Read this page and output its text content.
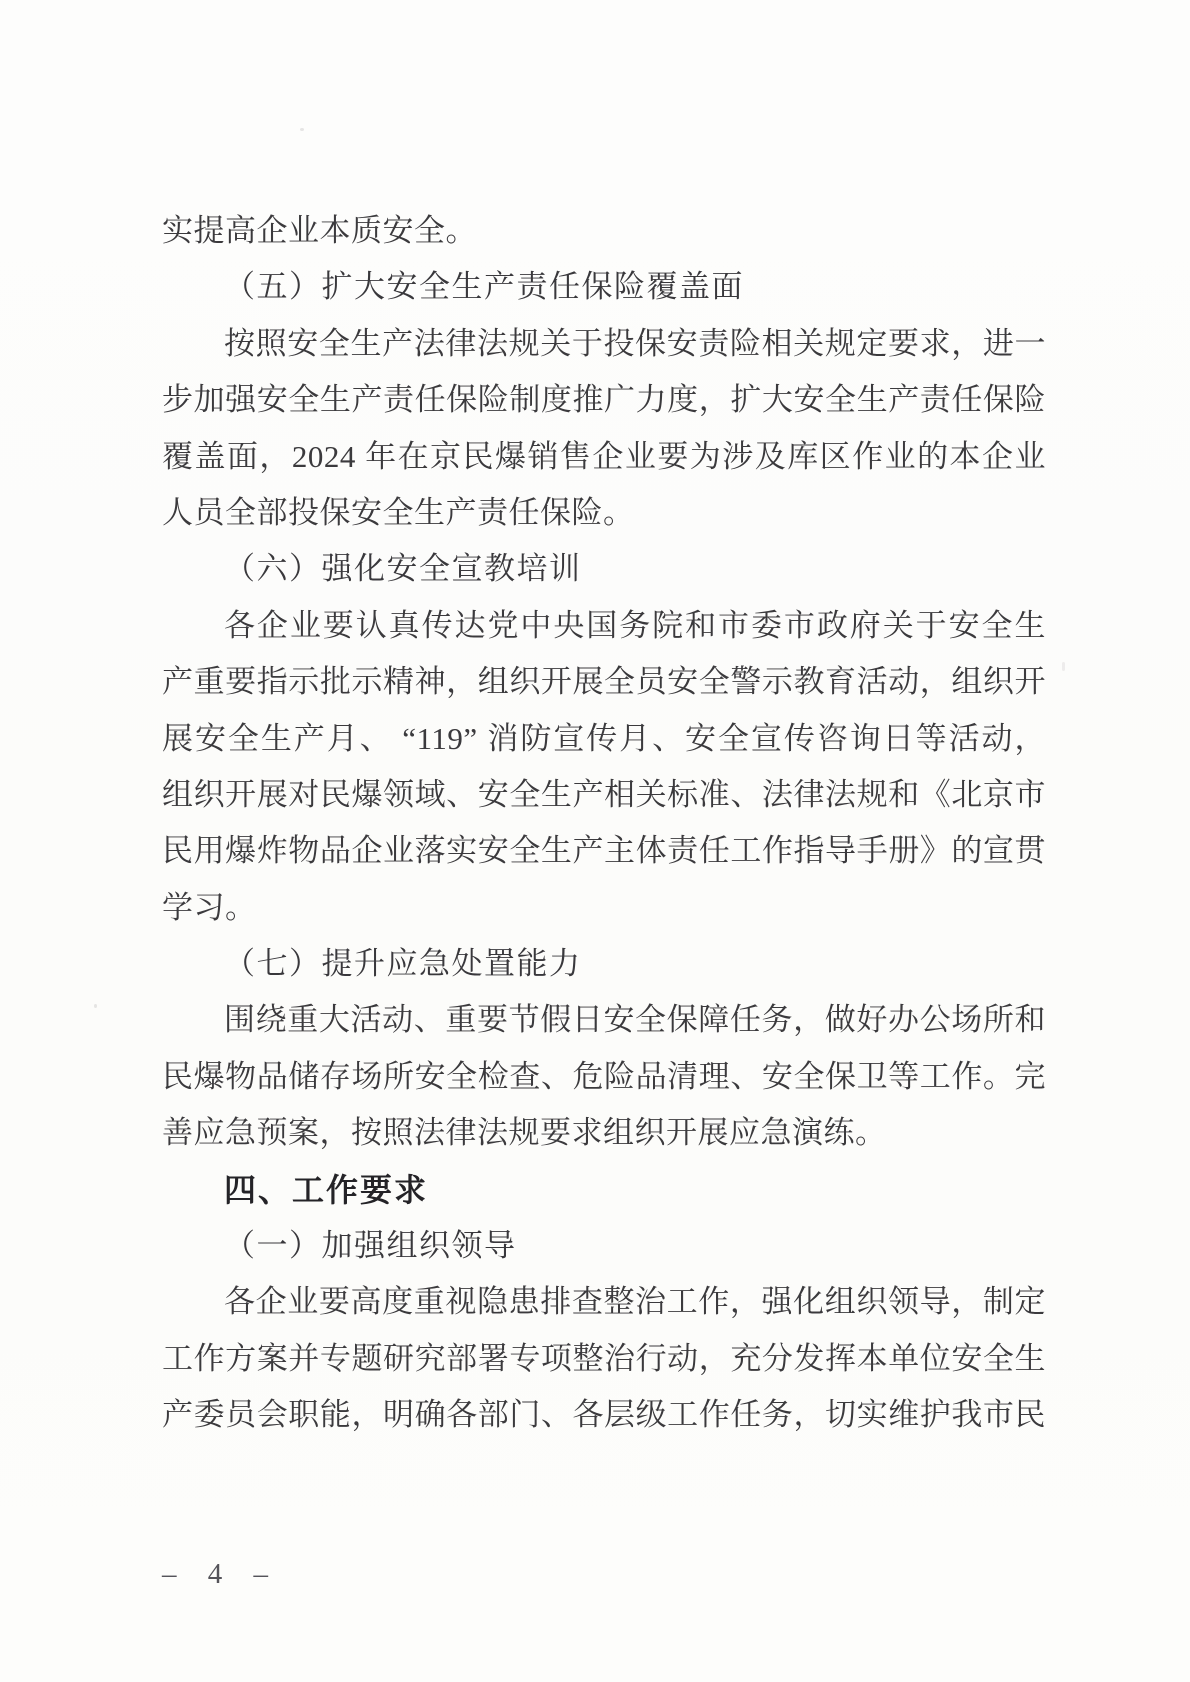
实提高企业本质安全。
（五）扩大安全生产责任保险覆盖面
按照安全生产法律法规关于投保安责险相关规定要求，进一
步加强安全生产责任保险制度推广力度，扩大安全生产责任保险
覆盖面，2024 年在京民爆销售企业要为涉及库区作业的本企业
人员全部投保安全生产责任保险。
（六）强化安全宣教培训
各企业要认真传达党中央国务院和市委市政府关于安全生
产重要指示批示精神，组织开展全员安全警示教育活动，组织开
展安全生产月、 “119” 消防宣传月、安全宣传咨询日等活动，
组织开展对民爆领域、安全生产相关标准、法律法规和《北京市
民用爆炸物品企业落实安全生产主体责任工作指导手册》的宣贯
学习。
（七）提升应急处置能力
围绕重大活动、重要节假日安全保障任务，做好办公场所和
民爆物品储存场所安全检查、危险品清理、安全保卫等工作。完
善应急预案，按照法律法规要求组织开展应急演练。
四、工作要求
（一）加强组织领导
各企业要高度重视隐患排查整治工作，强化组织领导，制定
工作方案并专题研究部署专项整治行动，充分发挥本单位安全生
产委员会职能，明确各部门、各层级工作任务，切实维护我市民
– 4 –
